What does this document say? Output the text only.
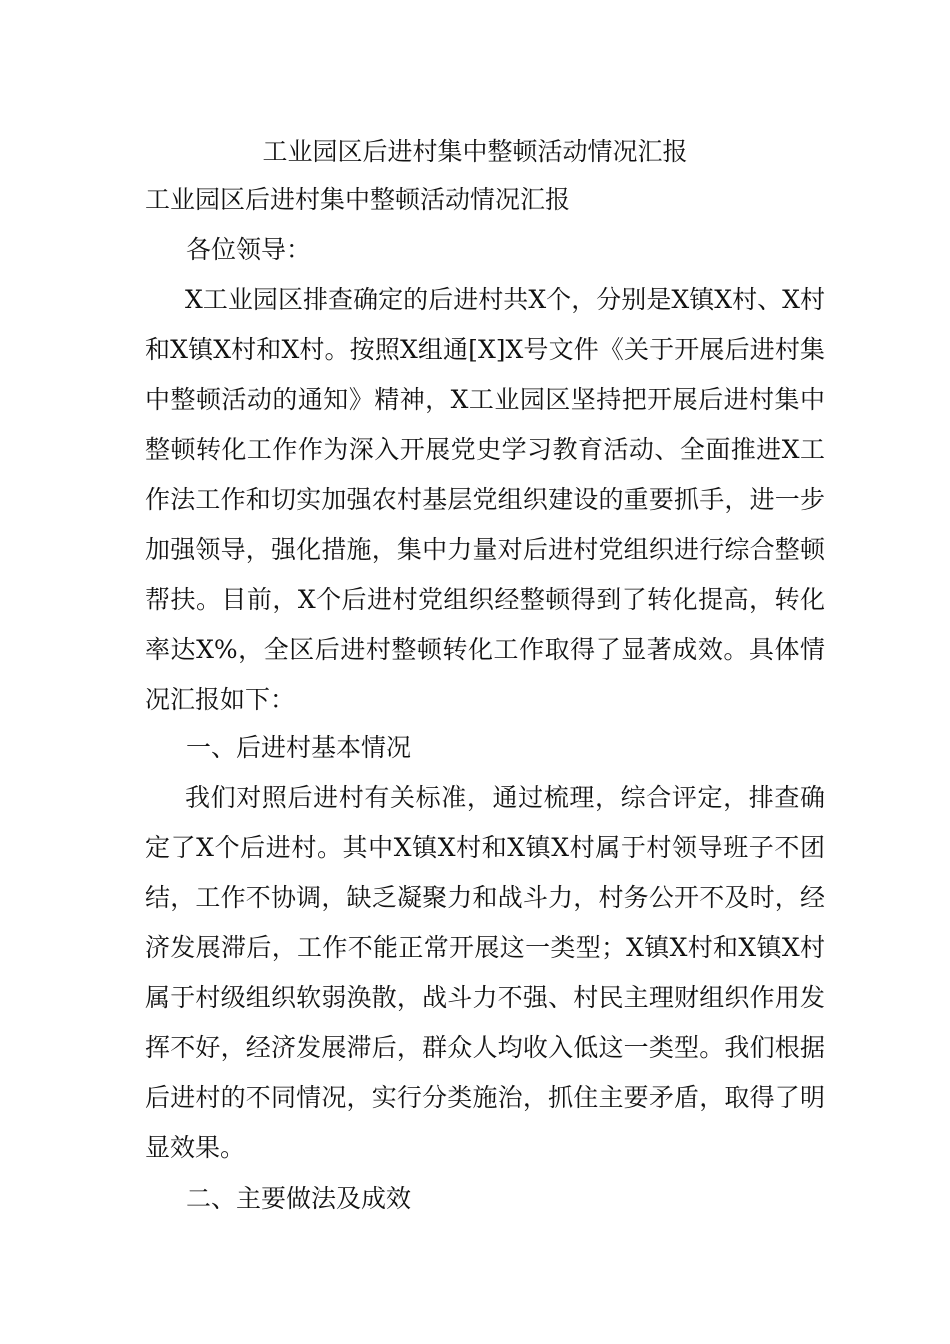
工业园区后进村集中整顿活动情况汇报
工业园区后进村集中整顿活动情况汇报
各位领导：

X工业园区排查确定的后进村共X个，分别是X镇X村、X村和X镇X村和X村。按照X组通[X]X号文件《关于开展后进村集中整顿活动的通知》精神，X工业园区坚持把开展后进村集中整顿转化工作作为深入开展党史学习教育活动、全面推进X工作法工作和切实加强农村基层党组织建设的重要抓手，进一步加强领导，强化措施，集中力量对后进村党组织进行综合整顿帮扶。目前，X个后进村党组织经整顿得到了转化提高，转化率达X%，全区后进村整顿转化工作取得了显著成效。具体情况汇报如下：

一、后进村基本情况

我们对照后进村有关标准，通过梳理，综合评定，排查确定了X个后进村。其中X镇X村和X镇X村属于村领导班子不团结，工作不协调，缺乏凝聚力和战斗力，村务公开不及时，经济发展滞后，工作不能正常开展这一类型；X镇X村和X镇X村属于村级组织软弱涣散，战斗力不强、村民主理财组织作用发挥不好，经济发展滞后，群众人均收入低这一类型。我们根据后进村的不同情况，实行分类施治，抓住主要矛盾，取得了明显效果。

二、主要做法及成效
